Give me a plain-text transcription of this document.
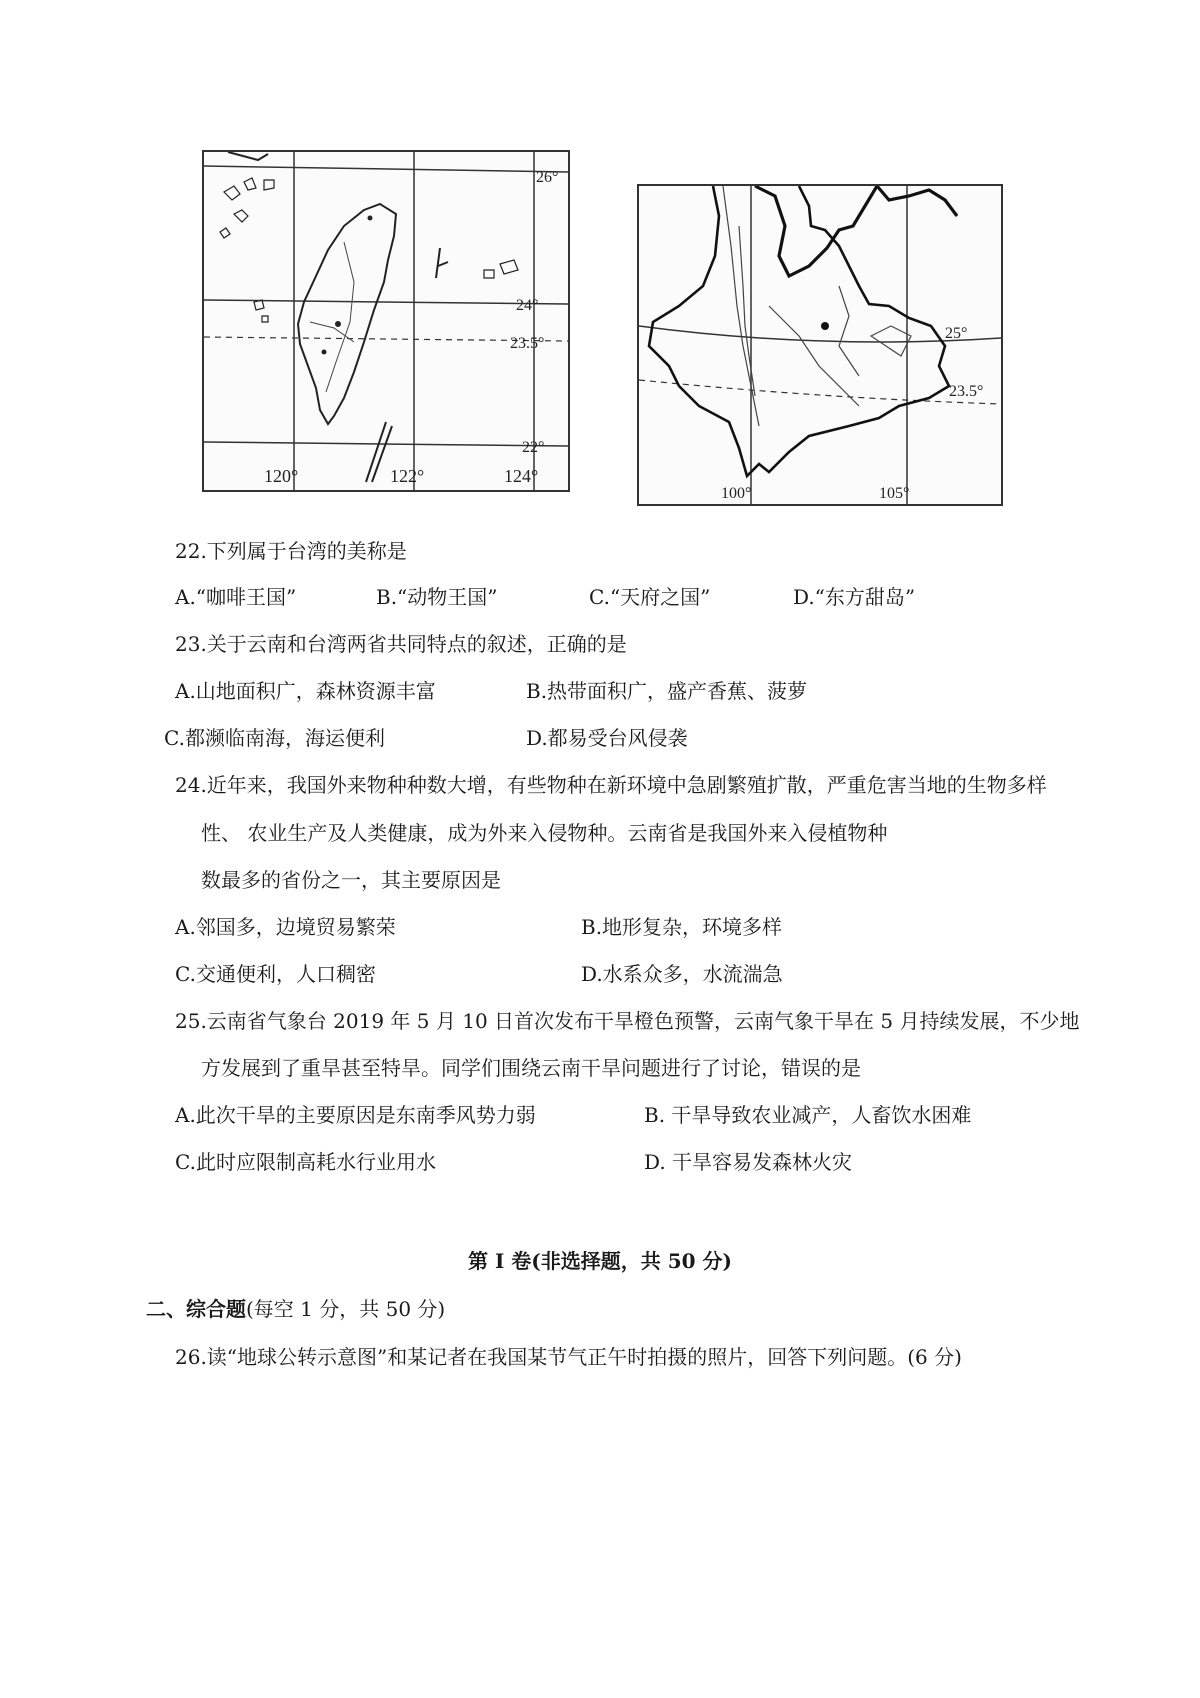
26°
24°
23.5°
22°
120°	122°	124°
25°
23.5°
100°	105°
22.下列属于台湾的美称是
A.“咖啡王国”	B.“动物王国”	C.“天府之国”	D.“东方甜岛”
23.关于云南和台湾两省共同特点的叙述，正确的是
A.山地面积广，森林资源丰富	B.热带面积广，盛产香蕉、菠萝
C.都濒临南海，海运便利	D.都易受台风侵袭
24.近年来，我国外来物种种数大增，有些物种在新环境中急剧繁殖扩散，严重危害当地的生物多样
性、 农业生产及人类健康，成为外来入侵物种。云南省是我国外来入侵植物种
数最多的省份之一，其主要原因是
A.邻国多，边境贸易繁荣	B.地形复杂，环境多样
C.交通便利，人口稠密	D.水系众多，水流湍急
25.云南省气象台 2019 年 5 月 10 日首次发布干旱橙色预警，云南气象干旱在 5 月持续发展，不少地
方发展到了重旱甚至特旱。同学们围绕云南干旱问题进行了讨论，错误的是
A.此次干旱的主要原因是东南季风势力弱	B. 干旱导致农业减产，人畜饮水困难
C.此时应限制高耗水行业用水	D. 干旱容易发森林火灾
第 I 卷(非选择题，共 50 分)
二、综合题(每空 1 分，共 50 分)
26.读“地球公转示意图”和某记者在我国某节气正午时拍摄的照片，回答下列问题。(6 分)
